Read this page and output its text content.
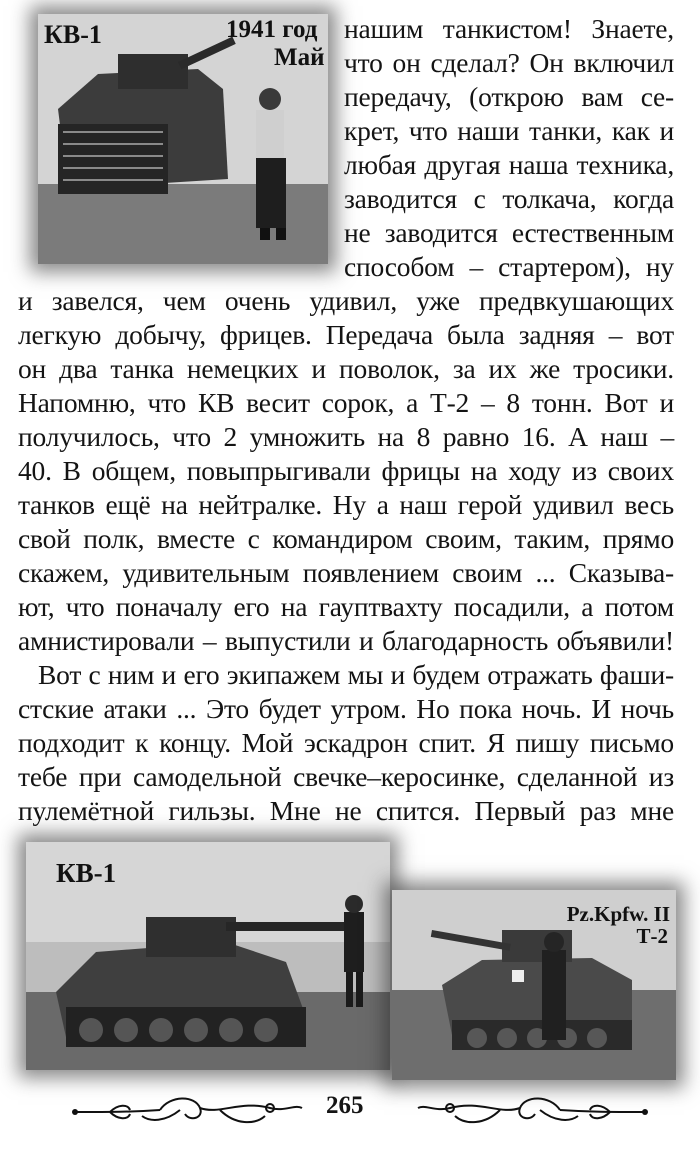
КВ-1	1941 год
Май
нашим танкистом! Знаете,
что он сделал? Он включил
передачу, (открою вам се-
крет, что наши танки, как и
любая другая наша техника,
заводится с толкача, когда
не заводится естественным
способом – стартером), ну
и завелся, чем очень удивил, уже предвкушающих
легкую добычу, фрицев. Передача была задняя – вот
он два танка немецких и поволок, за их же тросики.
Напомню, что КВ весит сорок, а Т-2 – 8 тонн. Вот и
получилось, что 2 умножить на 8 равно 16. А наш –
40. В общем, повыпрыгивали фрицы на ходу из своих
танков ещё на нейтралке. Ну а наш герой удивил весь
свой полк, вместе с командиром своим, таким, прямо
скажем, удивительным появлением своим ... Сказыва-
ют, что поначалу его на гауптвахту посадили, а потом
амнистировали – выпустили и благодарность объявили!
Вот с ним и его экипажем мы и будем отражать фаши-
стские атаки ... Это будет утром. Но пока ночь. И ночь
подходит к концу. Мой эскадрон спит. Я пишу письмо
тебе при самодельной свечке–керосинке, сделанной из
пулемётной гильзы. Мне не спится. Первый раз мне
КВ-1
Pz.Kpfw. II
Т-2
265
